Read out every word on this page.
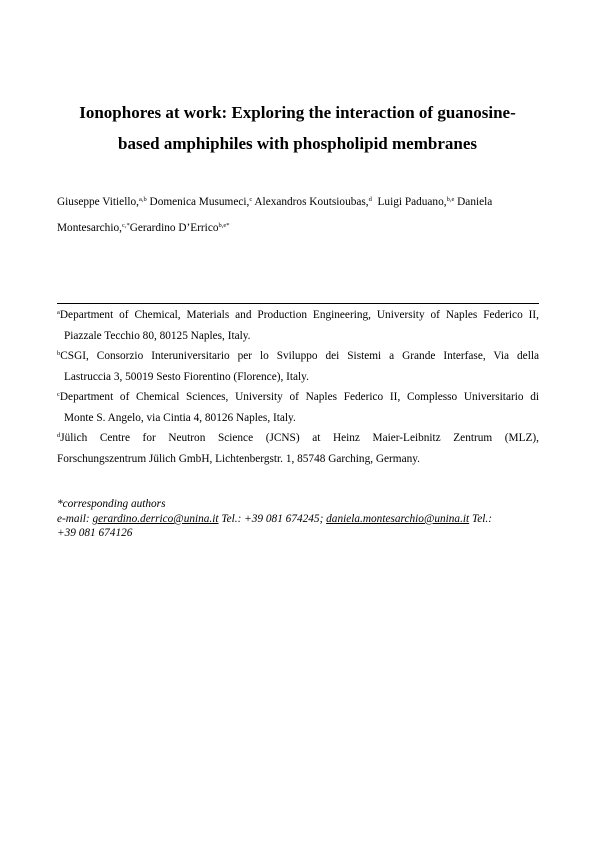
Ionophores at work: Exploring the interaction of guanosine-
based amphiphiles with phospholipid membranes
Giuseppe Vitiello,$^{a,b}$ Domenica Musumeci,$^c$ Alexandros Koutsioubas,$^d$  Luigi Paduano,$^{b,e}$ Daniela
Montesarchio,$^{c,*}$Gerardino D’Errico$^{b,e*}$
$^a$Department of Chemical, Materials and Production Engineering, University of Naples Federico II,
Piazzale Tecchio 80, 80125 Naples, Italy.
$^b$CSGI, Consorzio Interuniversitario per lo Sviluppo dei Sistemi a Grande Interfase, Via della
Lastruccia 3, 50019 Sesto Fiorentino (Florence), Italy.
$^c$Department of Chemical Sciences, University of Naples Federico II, Complesso Universitario di
Monte S. Angelo, via Cintia 4, 80126 Naples, Italy.
$^d$Jülich Centre for Neutron Science (JCNS) at Heinz Maier-Leibnitz Zentrum (MLZ),
Forschungszentrum Jülich GmbH, Lichtenbergstr. 1, 85748 Garching, Germany.
*corresponding authors
e-mail: gerardino.derrico@unina.it Tel.: +39 081 674245; daniela.montesarchio@unina.it Tel.:
+39 081 674126
